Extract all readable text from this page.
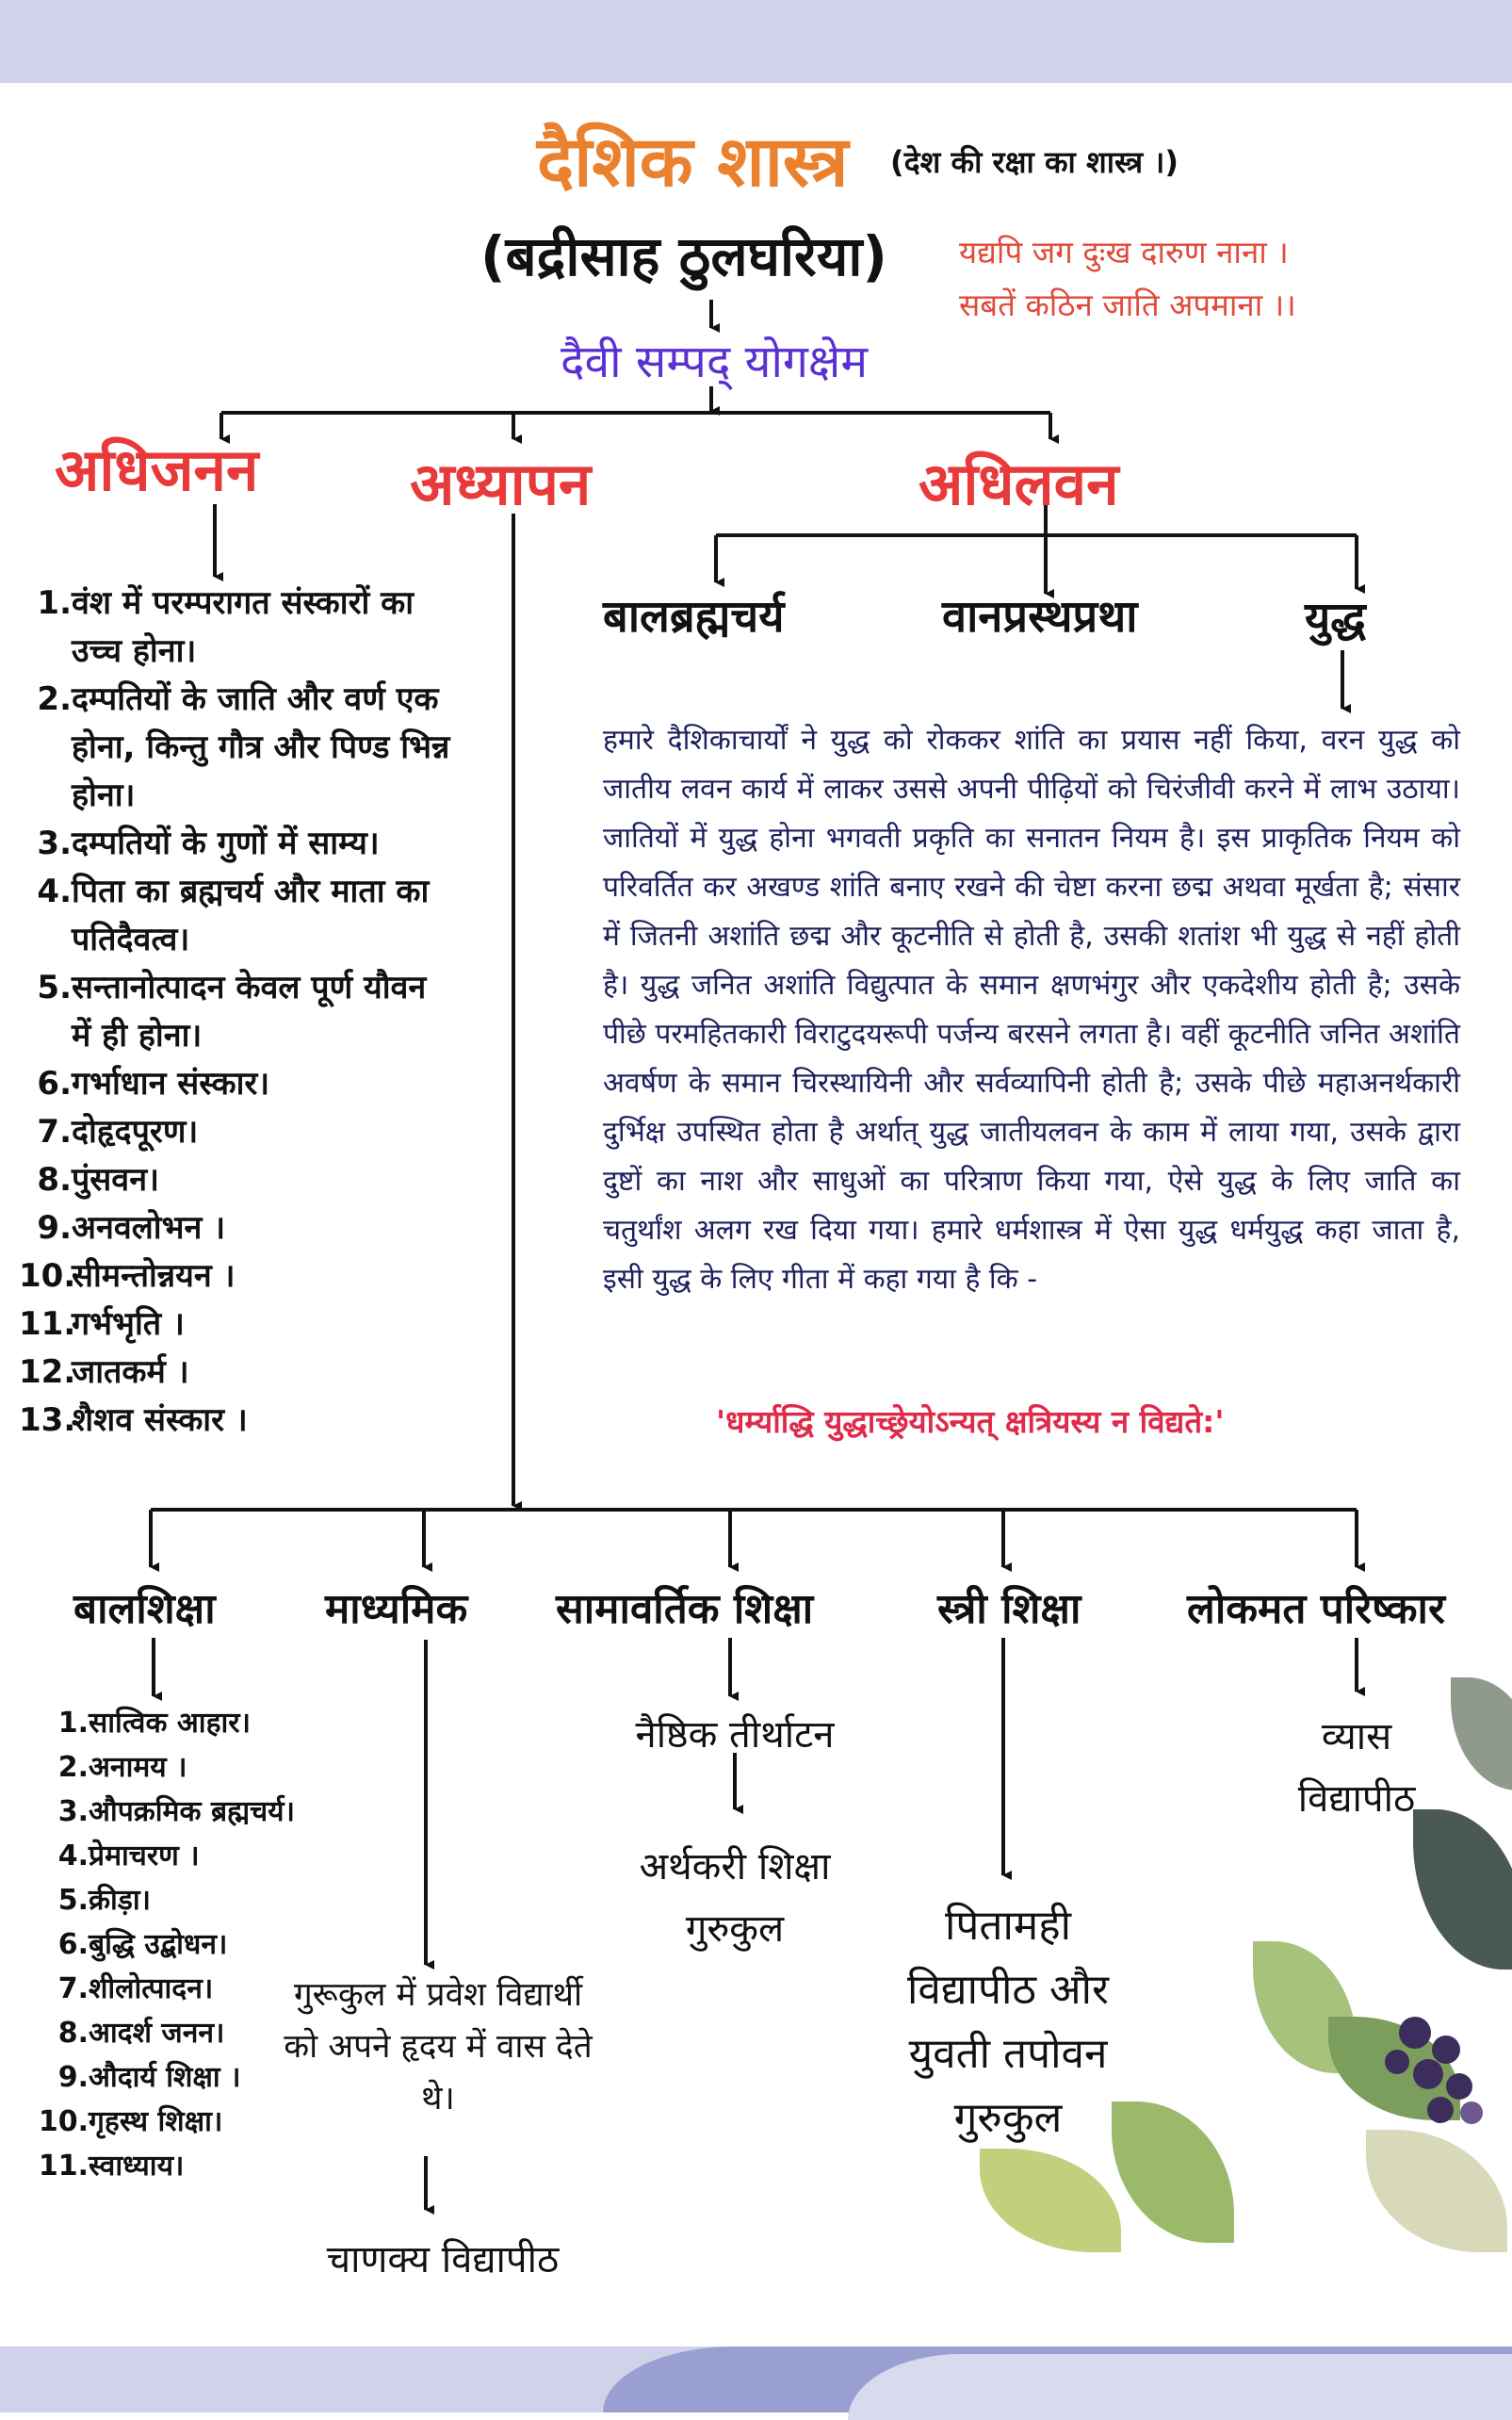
दैशिक शास्त्र (देश की रक्षा का शास्त्र ।)
(बद्रीसाह ठुलघरिया) यद्यपि जग दुःख दारुण नाना ।
सबतें कठिन जाति अपमाना ।।
दैवी सम्पद् योगक्षेम
अधिजनन	अध्यापन	अधिलवन
1. वंश में परम्परागत संस्कारों का उच्च होना।
2. दम्पतियों के जाति और वर्ण एक होना, किन्तु गौत्र और पिण्ड भिन्न होना।
3. दम्पतियों के गुणों में साम्य।
4. पिता का ब्रह्मचर्य और माता का पतिदैवत्व।
5. सन्तानोत्पादन केवल पूर्ण यौवन में ही होना।
6. गर्भाधान संस्कार।
7. दोहृदपूरण।
8. पुंसवन।
9. अनवलोभन ।
10.
सीमन्तोन्नयन ।
11.
गर्भभृति ।
12.
जातकर्म ।
13.
शैशव संस्कार ।
बालब्रह्मचर्य	वानप्रस्थप्रथा	युद्ध
हमारे दैशिकाचार्यों ने युद्ध को रोककर शांति का प्रयास नहीं किया, वरन युद्ध को जातीय लवन कार्य में लाकर उससे अपनी पीढ़ियों को चिरंजीवी करने में लाभ उठाया। जातियों में युद्ध होना भगवती प्रकृति का सनातन नियम है। इस प्राकृतिक नियम को परिवर्तित कर अखण्ड शांति बनाए रखने की चेष्टा करना छद्म अथवा मूर्खता है; संसार में जितनी अशांति छद्म और कूटनीति से होती है, उसकी शतांश भी युद्ध से नहीं होती है। युद्ध जनित अशांति विद्युत्पात के समान क्षणभंगुर और एकदेशीय होती है; उसके पीछे परमहितकारी विराटुदयरूपी पर्जन्य बरसने लगता है। वहीं कूटनीति जनित अशांति अवर्षण के समान चिरस्थायिनी और सर्वव्यापिनी होती है; उसके पीछे महाअनर्थकारी दुर्भिक्ष उपस्थित होता है अर्थात् युद्ध जातीयलवन के काम में लाया गया, उसके द्वारा दुष्टों का नाश और साधुओं का परित्राण किया गया, ऐसे युद्ध के लिए जाति का चतुर्थांश अलग रख दिया गया। हमारे धर्मशास्त्र में ऐसा युद्ध धर्मयुद्ध कहा जाता है, इसी युद्ध के लिए गीता में कहा गया है कि -
'धर्म्याद्धि युद्धाच्छ्रेयोऽन्यत् क्षत्रियस्य न विद्यते:'
बालशिक्षा	माध्यमिक सामावर्तिक शिक्षा	स्त्री शिक्षा	लोकमत परिष्कार
1. सात्विक आहार।
2. अनामय ।
3. औपक्रमिक ब्रह्मचर्य।
4. प्रेमाचरण ।
5. क्रीड़ा।
6. बुद्धि उद्बोधन।
7. शीलोत्पादन।
8. आदर्श जनन।
9. औदार्य शिक्षा ।
10. गृहस्थ शिक्षा।
11. स्वाध्याय।
गुरूकुल में प्रवेश विद्यार्थी को अपने हृदय में वास देते थे।
चाणक्य विद्यापीठ
नैष्ठिक तीर्थाटन
अर्थकरी शिक्षा गुरुकुल	पितामही विद्यापीठ और युवती तपोवन गुरुकुल
व्यास विद्यापीठ
